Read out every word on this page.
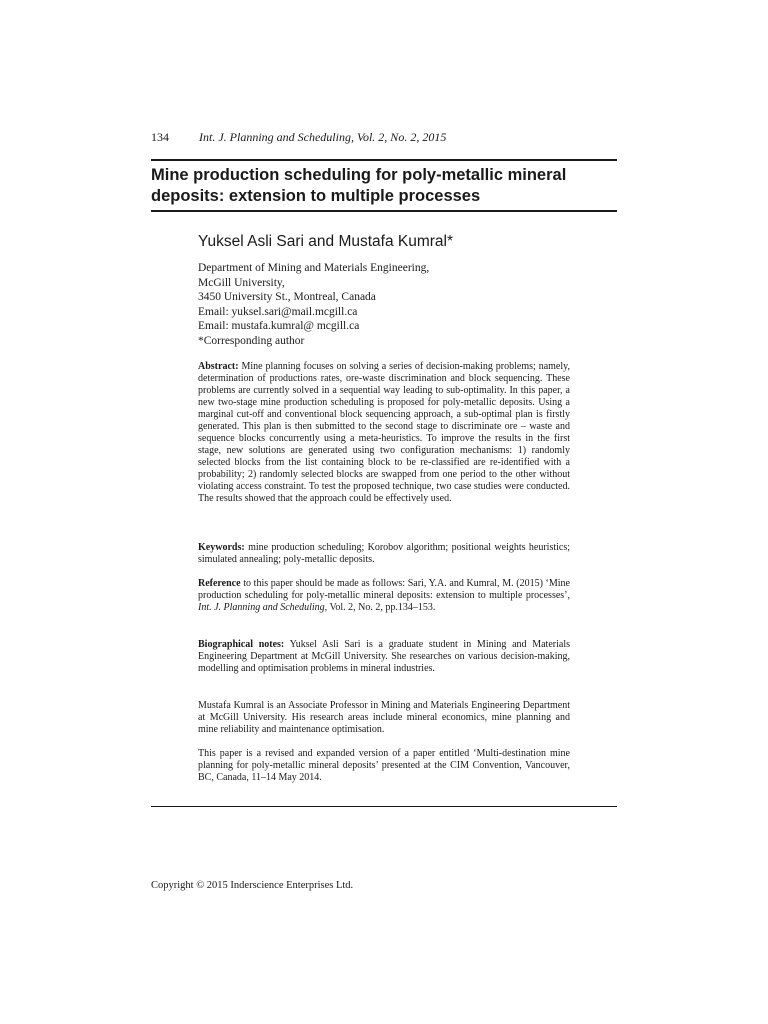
134	Int. J. Planning and Scheduling, Vol. 2, No. 2, 2015
Mine production scheduling for poly-metallic mineral deposits: extension to multiple processes
Yuksel Asli Sari and Mustafa Kumral*
Department of Mining and Materials Engineering,
McGill University,
3450 University St., Montreal, Canada
Email: yuksel.sari@mail.mcgill.ca
Email: mustafa.kumral@ mcgill.ca
*Corresponding author

Abstract: Mine planning focuses on solving a series of decision-making problems; namely, determination of productions rates, ore-waste discrimination and block sequencing. These problems are currently solved in a sequential way leading to sub-optimality. In this paper, a new two-stage mine production scheduling is proposed for poly-metallic deposits. Using a marginal cut-off and conventional block sequencing approach, a sub-optimal plan is firstly generated. This plan is then submitted to the second stage to discriminate ore – waste and sequence blocks concurrently using a meta-heuristics. To improve the results in the first stage, new solutions are generated using two configuration mechanisms: 1) randomly selected blocks from the list containing block to be re-classified are re-identified with a probability; 2) randomly selected blocks are swapped from one period to the other without violating access constraint. To test the proposed technique, two case studies were conducted. The results showed that the approach could be effectively used.

Keywords: mine production scheduling; Korobov algorithm; positional weights heuristics; simulated annealing; poly-metallic deposits.

Reference to this paper should be made as follows: Sari, Y.A. and Kumral, M. (2015) ‘Mine production scheduling for poly-metallic mineral deposits: extension to multiple processes’, Int. J. Planning and Scheduling, Vol. 2, No. 2, pp.134–153.

Biographical notes: Yuksel Asli Sari is a graduate student in Mining and Materials Engineering Department at McGill University. She researches on various decision-making, modelling and optimisation problems in mineral industries.

Mustafa Kumral is an Associate Professor in Mining and Materials Engineering Department at McGill University. His research areas include mineral economics, mine planning and mine reliability and maintenance optimisation.

This paper is a revised and expanded version of a paper entitled ‘Multi-destination mine planning for poly-metallic mineral deposits’ presented at the CIM Convention, Vancouver, BC, Canada, 11–14 May 2014.

Copyright © 2015 Inderscience Enterprises Ltd.
